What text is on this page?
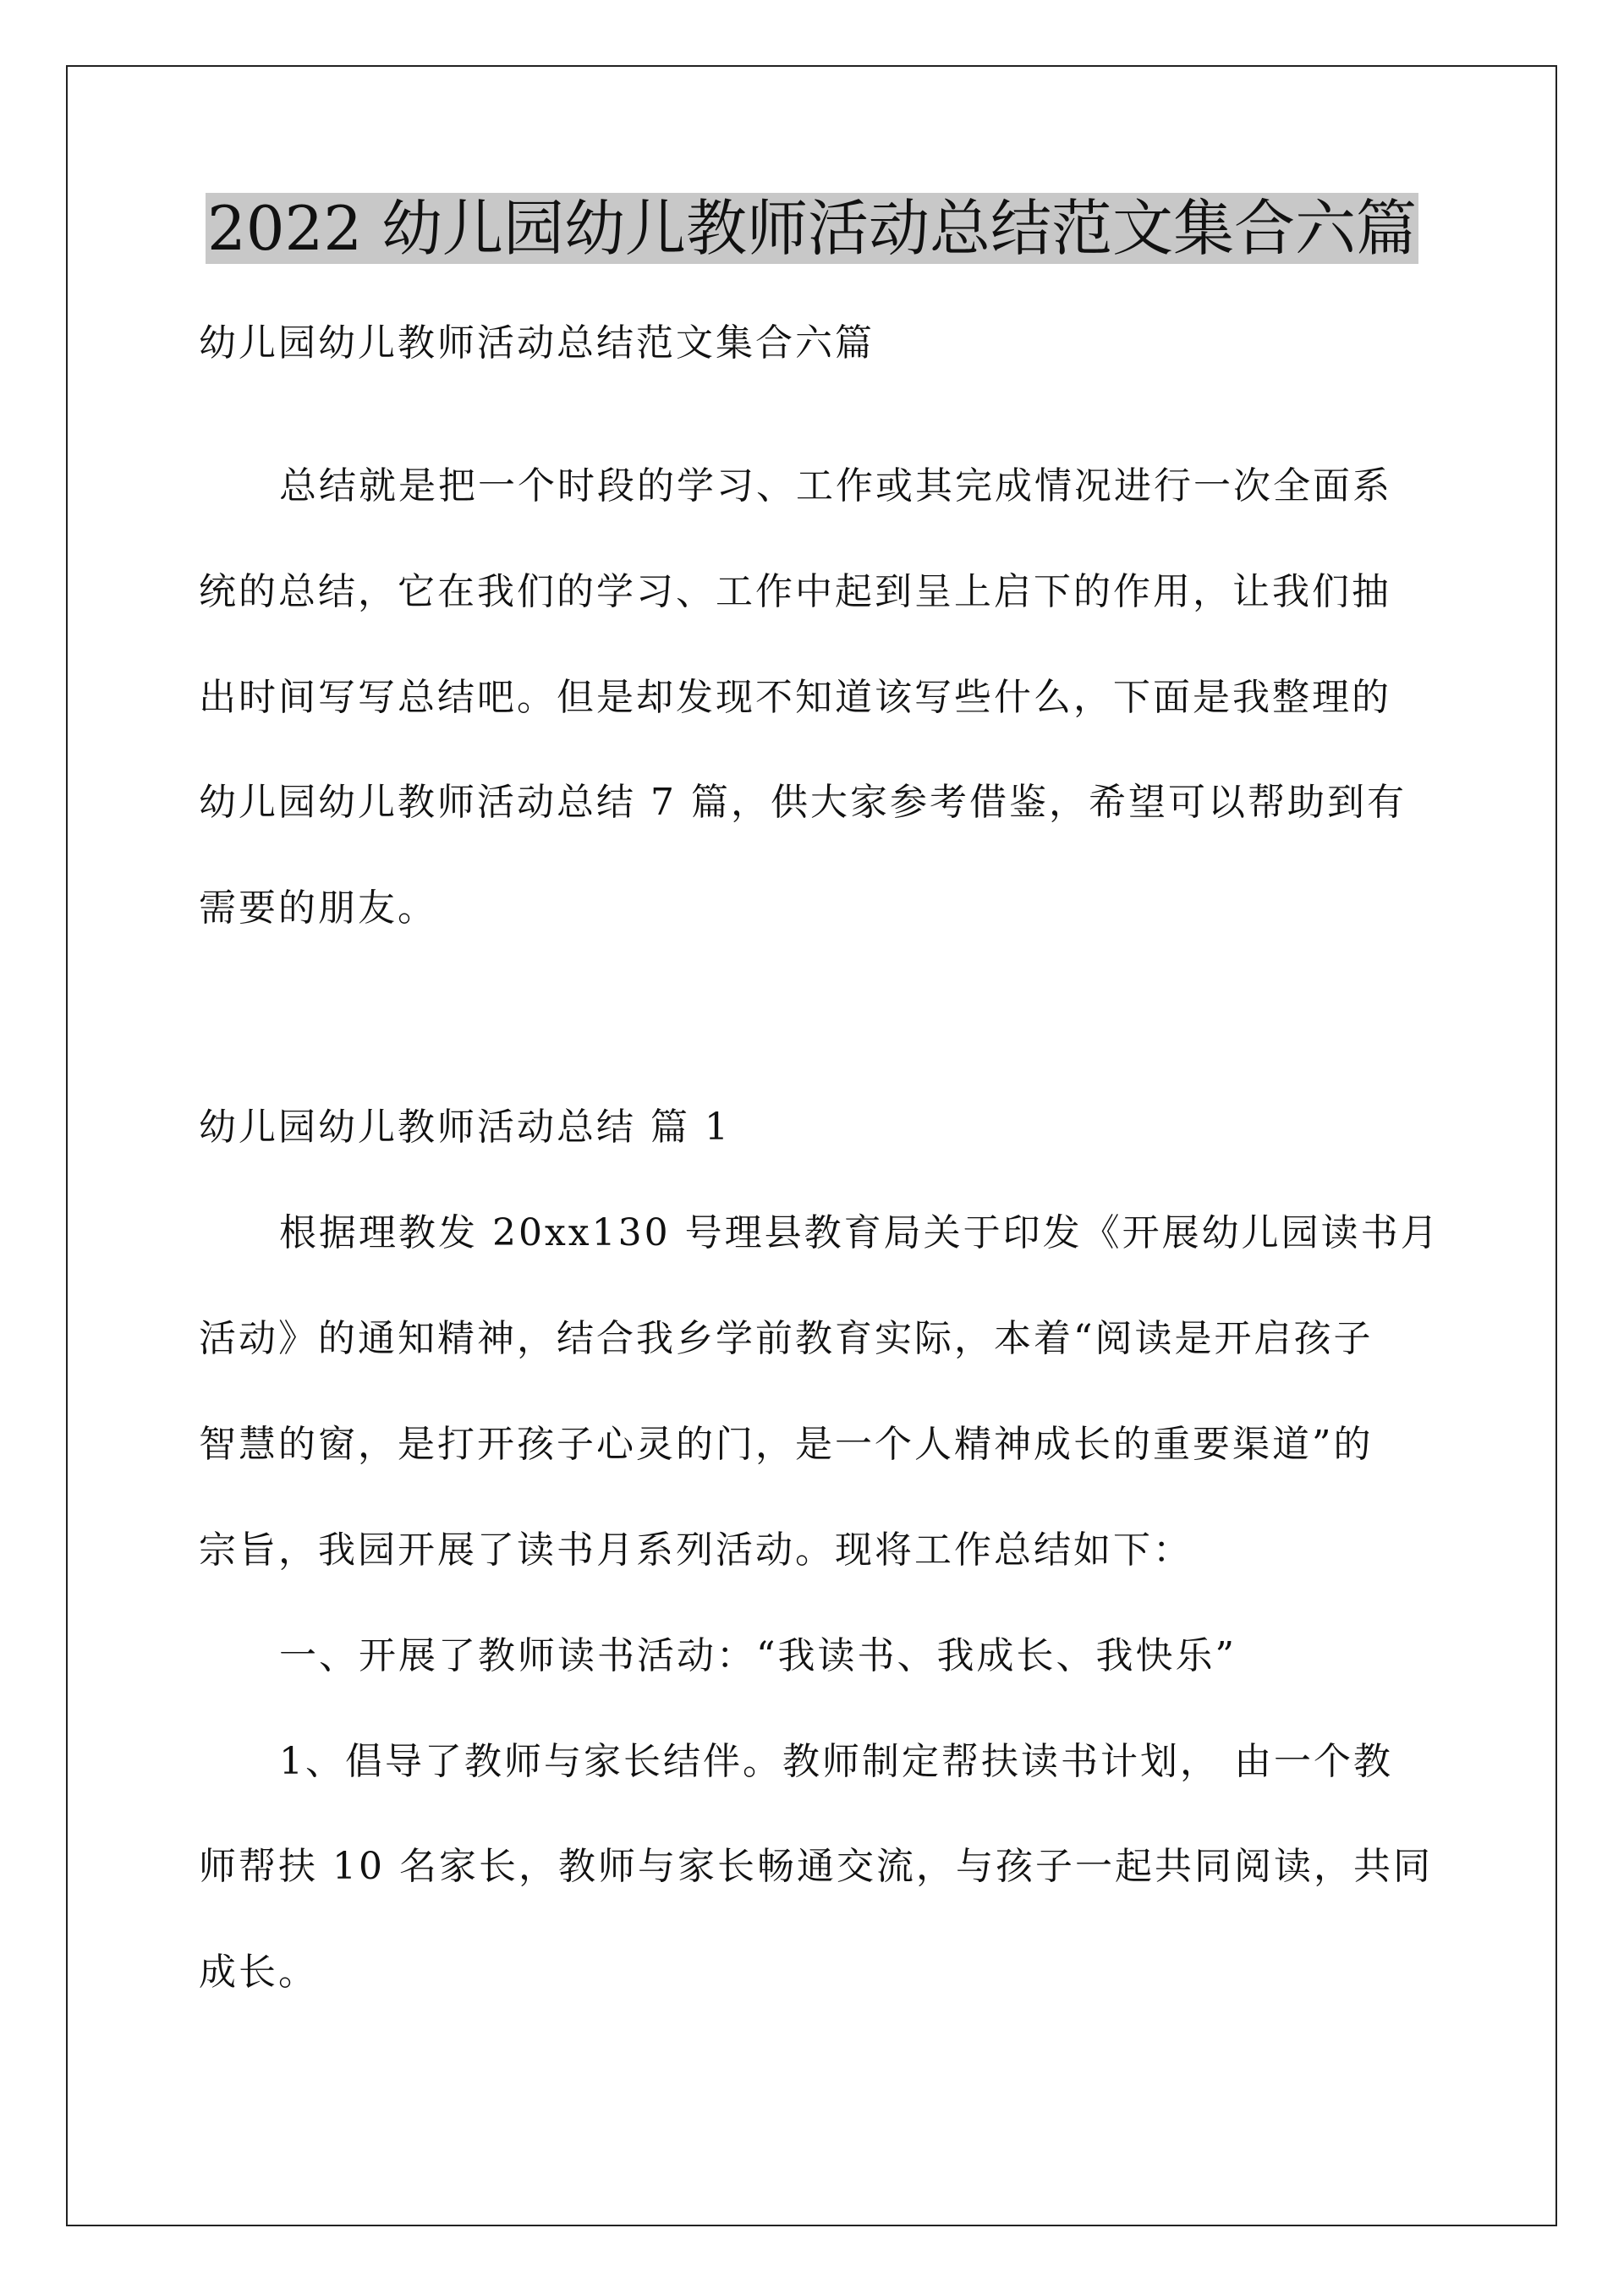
2022 幼儿园幼儿教师活动总结范文集合六篇

幼儿园幼儿教师活动总结范文集合六篇

总结就是把一个时段的学习、工作或其完成情况进行一次全面系

统的总结，它在我们的学习、工作中起到呈上启下的作用，让我们抽

出时间写写总结吧。但是却发现不知道该写些什么，下面是我整理的

幼儿园幼儿教师活动总结 7 篇，供大家参考借鉴，希望可以帮助到有

需要的朋友。

幼儿园幼儿教师活动总结 篇 1

根据理教发 20xx130 号理县教育局关于印发《开展幼儿园读书月

活动》的通知精神，结合我乡学前教育实际，本着“阅读是开启孩子

智慧的窗，是打开孩子心灵的门，是一个人精神成长的重要渠道”的

宗旨，我园开展了读书月系列活动。现将工作总结如下：

一、开展了教师读书活动：“我读书、我成长、我快乐”

1、倡导了教师与家长结伴。教师制定帮扶读书计划， 由一个教

师帮扶 10 名家长，教师与家长畅通交流，与孩子一起共同阅读，共同

成长。
